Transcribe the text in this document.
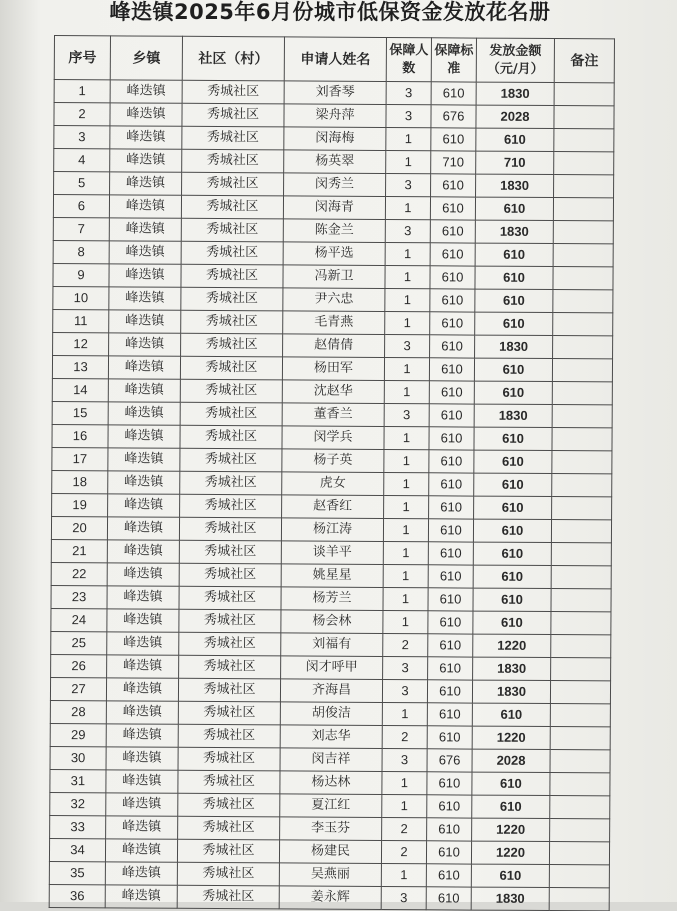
峰迭镇2025年6月份城市低保资金发放花名册
序号	乡镇	社区（村）	申请人姓名	保障人数	保障标准	发放金额（元/月）	备注
1	峰迭镇	秀城社区	刘香琴	3	610	1830	
2	峰迭镇	秀城社区	梁舟萍	3	676	2028	
3	峰迭镇	秀城社区	闵海梅	1	610	610	
4	峰迭镇	秀城社区	杨英翠	1	710	710	
5	峰迭镇	秀城社区	闵秀兰	3	610	1830	
6	峰迭镇	秀城社区	闵海青	1	610	610	
7	峰迭镇	秀城社区	陈金兰	3	610	1830	
8	峰迭镇	秀城社区	杨平选	1	610	610	
9	峰迭镇	秀城社区	冯新卫	1	610	610	
10	峰迭镇	秀城社区	尹六忠	1	610	610	
11	峰迭镇	秀城社区	毛青燕	1	610	610	
12	峰迭镇	秀城社区	赵倩倩	3	610	1830	
13	峰迭镇	秀城社区	杨田军	1	610	610	
14	峰迭镇	秀城社区	沈赵华	1	610	610	
15	峰迭镇	秀城社区	董香兰	3	610	1830	
16	峰迭镇	秀城社区	闵学兵	1	610	610	
17	峰迭镇	秀城社区	杨子英	1	610	610	
18	峰迭镇	秀城社区	虎女	1	610	610	
19	峰迭镇	秀城社区	赵香红	1	610	610	
20	峰迭镇	秀城社区	杨江涛	1	610	610	
21	峰迭镇	秀城社区	谈羊平	1	610	610	
22	峰迭镇	秀城社区	姚星星	1	610	610	
23	峰迭镇	秀城社区	杨芳兰	1	610	610	
24	峰迭镇	秀城社区	杨会林	1	610	610	
25	峰迭镇	秀城社区	刘福有	2	610	1220	
26	峰迭镇	秀城社区	闵才呼甲	3	610	1830	
27	峰迭镇	秀城社区	齐海昌	3	610	1830	
28	峰迭镇	秀城社区	胡俊洁	1	610	610	
29	峰迭镇	秀城社区	刘志华	2	610	1220	
30	峰迭镇	秀城社区	闵吉祥	3	676	2028	
31	峰迭镇	秀城社区	杨达林	1	610	610	
32	峰迭镇	秀城社区	夏江红	1	610	610	
33	峰迭镇	秀城社区	李玉芬	2	610	1220	
34	峰迭镇	秀城社区	杨建民	2	610	1220	
35	峰迭镇	秀城社区	吴燕丽	1	610	610	
36	峰迭镇	秀城社区	姜永辉	3	610	1830	
